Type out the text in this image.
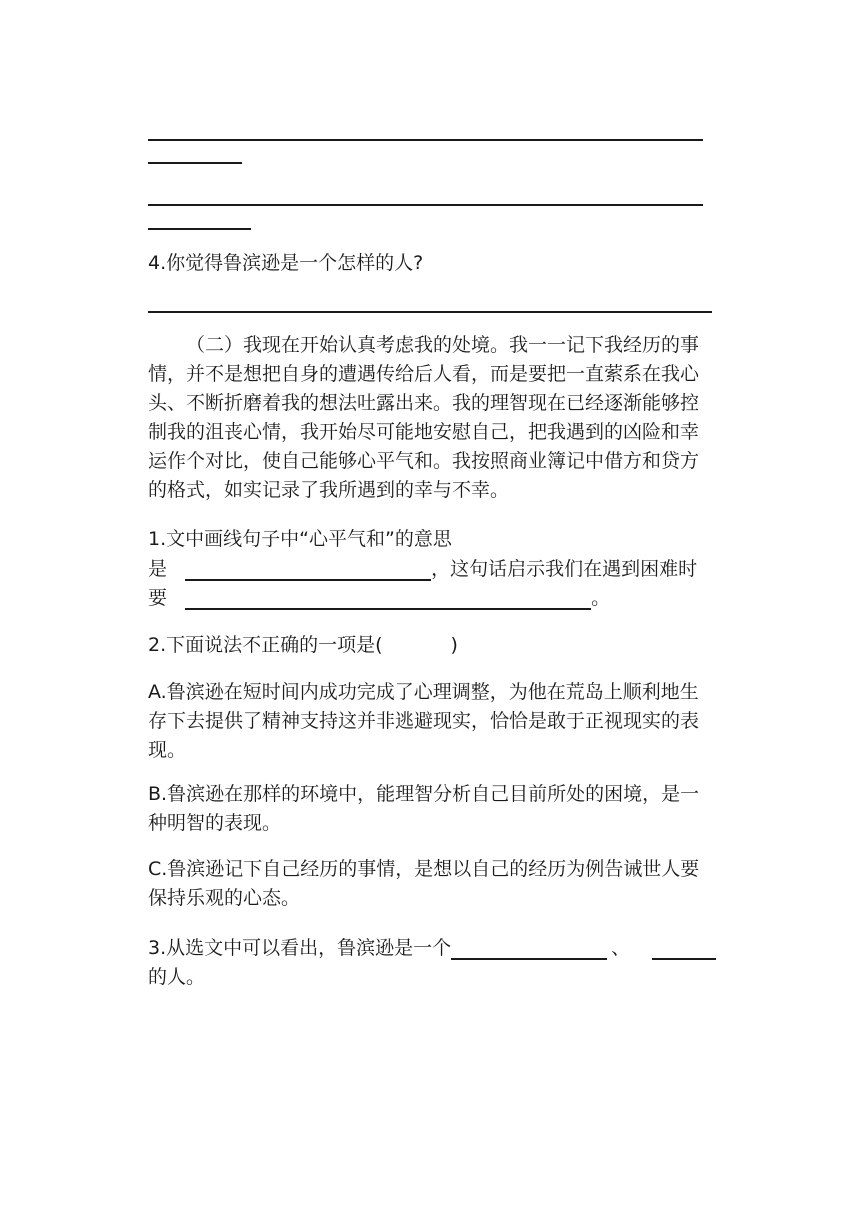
4.你觉得鲁滨逊是一个怎样的人?
（二）我现在开始认真考虑我的处境。我一一记下我经历的事情，并不是想把自身的遭遇传给后人看，而是要把一直萦系在我心头、不断折磨着我的想法吐露出来。我的理智现在已经逐渐能够控制我的沮丧心情，我开始尽可能地安慰自己，把我遇到的凶险和幸运作个对比，使自己能够心平气和。我按照商业簿记中借方和贷方的格式，如实记录了我所遇到的幸与不幸。
1.文中画线句子中“心平气和”的意思
是	，这句话启示我们在遇到困难时
要	。
2.下面说法不正确的一项是(	)
A.鲁滨逊在短时间内成功完成了心理调整，为他在荒岛上顺利地生存下去提供了精神支持这并非逃避现实，恰恰是敢于正视现实的表现。
B.鲁滨逊在那样的环境中，能理智分析自己目前所处的困境，是一种明智的表现。
C.鲁滨逊记下自己经历的事情，是想以自己的经历为例告诫世人要保持乐观的心态。
3.从选文中可以看出，鲁滨逊是一个	、
的人。
